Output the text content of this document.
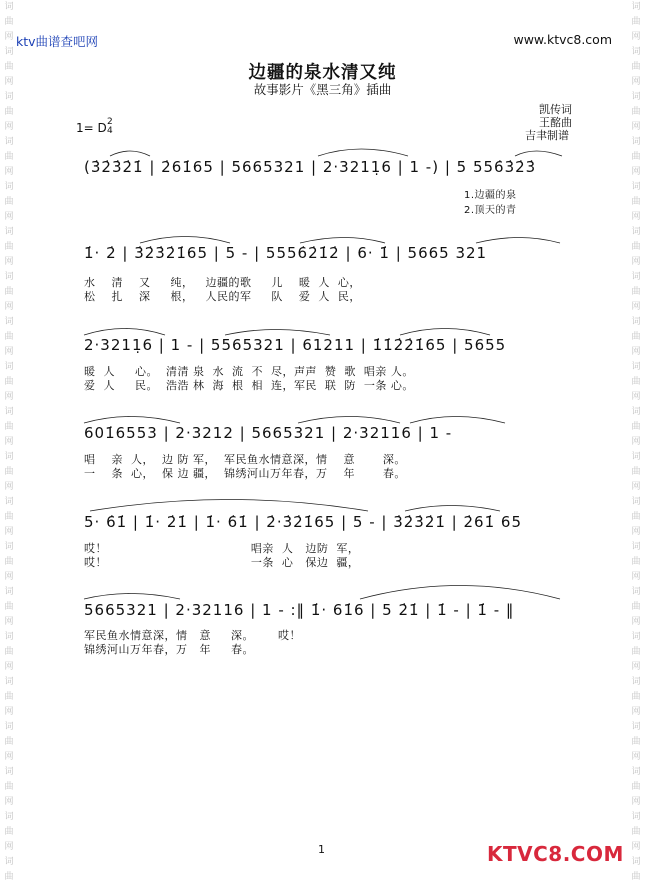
词
曲
网
词
曲
网
词
曲
网
词
曲
网
词
曲
网
词
曲
网
词
曲
网
词
曲
网
词
曲
网
词
曲
网
词
曲
网
词
曲
网
词
曲
网
词
曲
网
词
曲
网
词
曲
网
词
曲
网
词
曲
网
词
曲
网
词
曲
词
曲
网
词
曲
网
词
曲
网
词
曲
网
词
曲
网
词
曲
网
词
曲
网
词
曲
网
词
曲
网
词
曲
网
词
曲
网
词
曲
网
词
曲
网
词
曲
网
词
曲
网
词
曲
网
词
曲
网
词
曲
网
词
曲
网
词
曲
ktv曲谱查吧网	www.ktvc8.com
边疆的泉水清又纯
故事影片《黑三角》插曲
凯传词
王酩曲
吉聿制谱
1= D 2
4
(3̇2̇3̇2̇1̇ | 2̇61̇65 | 5665321 | 2·3211̣6 | 1 -) | 5 556̇3̇2̇3̇
1.边疆的泉
2.顶天的青
1̇· 2̇ | 3̇2̇3̇2̇1̇65 | 5 - | 5556̇2̇1̇2̇ | 6· 1̇ | 5665 321
水    清    又     纯，   边疆的歌     儿    暖  人  心，
松    扎    深     根，   人民的军     队    爱  人  民，
2·3211̣6 | 1 - | 5565321 | 61211 | 1̇1̇2̇2̇1̇65 | 5655
暖  人     心。  清清 泉  水  流  不  尽，声声  赞  歌  唱亲 人。
爱  人     民。  浩浩 林  海  根  相  连，军民  联  防  一条 心。
601̇6553 | 2·3212 | 5665321 | 2·32116 | 1 -
唱    亲  人，  边 防 军，  军民鱼水情意深，情    意       深。
一    条  心，  保 边 疆，  锦绣河山万年春，万    年       春。
5· 6̇1̇ | 1̇· 2̇1̇ | 1̇· 6̇1̇ | 2̇·3̇2̇1̇65 | 5 - | 3̇2̇3̇2̇1̇ | 2̇61̇ 65
哎！                                    唱亲  人   边防  军，
哎！                                    一条  心   保边  疆，
5665321 | 2·32116 | 1 - :‖ 1̇· 61̇6 | 5 2̇1̇ | 1̇ - | 1̇ - ‖
军民鱼水情意深，情   意     深。      哎！
锦绣河山万年春，万   年     春。
1	KTVC8.COM
